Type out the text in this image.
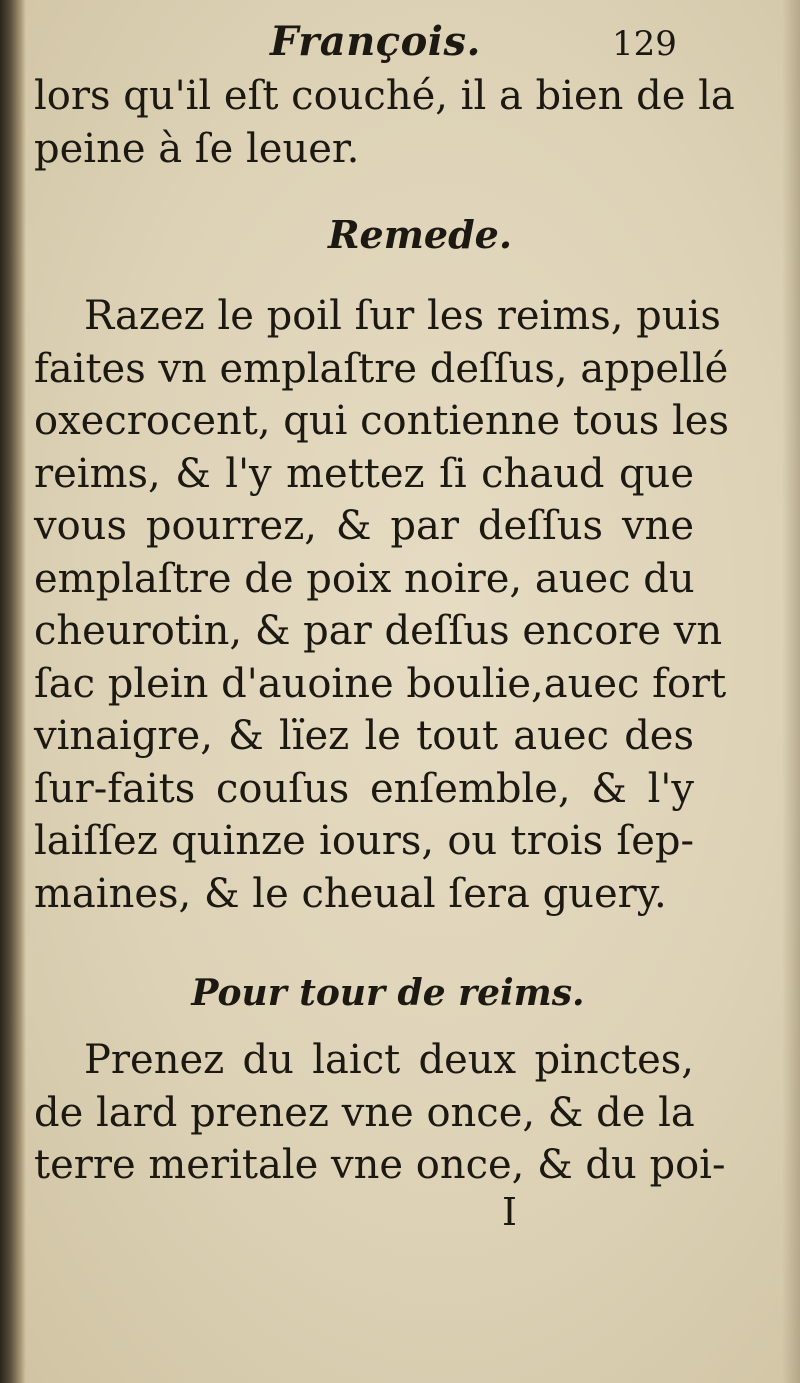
François.	129
lors qu'il eſt couché, il a bien de la
peine à ſe leuer.
Remede.
Razez le poil ſur les reims, puis
faites vn emplaſtre deſſus, appellé
oxecrocent, qui contienne tous les
reims, & l'y mettez ſi chaud que
vous pourrez, & par deſſus vne
emplaſtre de poix noire, auec du
cheurotin, & par deſſus encore vn
ſac plein d'auoine boulie,auec fort
vinaigre, & lïez le tout auec des
ſur-faits couſus enſemble, & l'y
laiſſez quinze iours, ou trois ſep-
maines, & le cheual ſera guery.
Pour tour de reims.
Prenez du laict deux pinctes,
de lard prenez vne once, & de la
terre meritale vne once, & du poi-
I
